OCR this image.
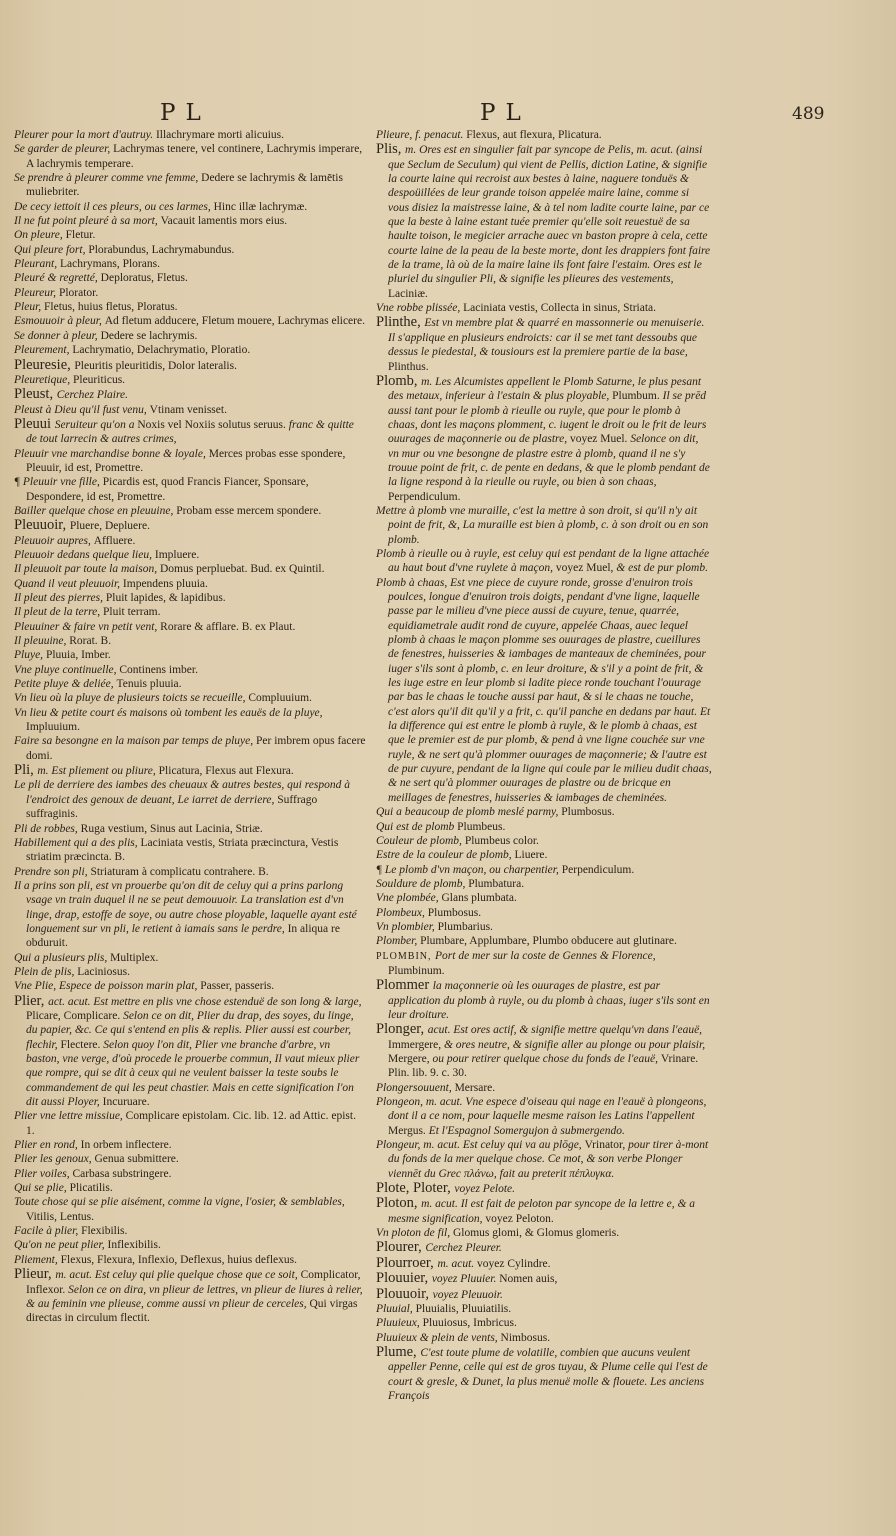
PL	PL	489

Pleurer pour la mort d'autruy. Illachrymare morti alicuius.

Se garder de pleurer, Lachrymas tenere, vel continere, Lachrymis imperare, A lachrymis temperare.

Se prendre à pleurer comme vne femme, Dedere se lachrymis & lamētis muliebriter.

De cecy iettoit il ces pleurs, ou ces larmes, Hinc illæ lachrymæ.

Il ne fut point pleuré à sa mort, Vacauit lamentis mors eius.

On pleure, Fletur.

Qui pleure fort, Plorabundus, Lachrymabundus.

Pleurant, Lachrymans, Plorans.

Pleuré & regretté, Deploratus, Fletus.

Pleureur, Plorator.

Pleur, Fletus, huius fletus, Ploratus.

Esmouuoir à pleur, Ad fletum adducere, Fletum mouere, Lachrymas elicere.

Se donner à pleur, Dedere se lachrymis.

Pleurement, Lachrymatio, Delachrymatio, Ploratio.

Pleuresie, Pleuritis pleuritidis, Dolor lateralis.

Pleuretique, Pleuriticus.

Pleust, Cerchez Plaire.

Pleust à Dieu qu'il fust venu, Vtinam venisset.

Pleuui Seruiteur qu'on a Noxis vel Noxiis solutus seruus. franc & quitte de tout larrecin & autres crimes,

Pleuuir vne marchandise bonne & loyale, Merces probas esse spondere, Pleuuir, id est, Promettre.

¶ Pleuuir vne fille, Picardis est, quod Francis Fiancer, Sponsare, Despondere, id est, Promettre.

Bailler quelque chose en pleuuine, Probam esse mercem spondere.

Pleuuoir, Pluere, Depluere.

Pleuuoir aupres, Affluere.

Pleuuoir dedans quelque lieu, Impluere.

Il pleuuoit par toute la maison, Domus perpluebat. Bud. ex Quintil.

Quand il veut pleuuoir, Impendens pluuia.

Il pleut des pierres, Pluit lapides, & lapidibus.

Il pleut de la terre, Pluit terram.

Pleuuiner & faire vn petit vent, Rorare & afflare. B. ex Plaut.

Il pleuuine, Rorat. B.

Pluye, Pluuia, Imber.

Vne pluye continuelle, Continens imber.

Petite pluye & deliée, Tenuis pluuia.

Vn lieu où la pluye de plusieurs toicts se recueille, Compluuium.

Vn lieu & petite court és maisons où tombent les eauës de la pluye, Impluuium.

Faire sa besongne en la maison par temps de pluye, Per imbrem opus facere domi.

Pli, m. Est pliement ou pliure, Plicatura, Flexus aut Flexura.

Le pli de derriere des iambes des cheuaux & autres bestes, qui respond à l'endroict des genoux de deuant, Le iarret de derriere, Suffrago suffraginis.

Pli de robbes, Ruga vestium, Sinus aut Lacinia, Striæ.

Habillement qui a des plis, Laciniata vestis, Striata præcinctura, Vestis striatim præcincta. B.

Prendre son pli, Striaturam à complicatu contrahere. B.

Il a prins son pli, est vn prouerbe qu'on dit de celuy qui a prins parlong vsage vn train duquel il ne se peut demouuoir. La translation est d'vn linge, drap, estoffe de soye, ou autre chose ployable, laquelle ayant esté longuement sur vn pli, le retient à iamais sans le perdre, In aliqua re obduruit.

Qui a plusieurs plis, Multiplex.

Plein de plis, Laciniosus.

Vne Plie, Espece de poisson marin plat, Passer, passeris.

Plier, act. acut. Est mettre en plis vne chose estenduë de son long & large, Plicare, Complicare. Selon ce on dit, Plier du drap, des soyes, du linge, du papier, &c. Ce qui s'entend en plis & replis. Plier aussi est courber, flechir, Flectere. Selon quoy l'on dit, Plier vne branche d'arbre, vn baston, vne verge, d'où procede le prouerbe commun, Il vaut mieux plier que rompre, qui se dit à ceux qui ne veulent baisser la teste soubs le commandement de qui les peut chastier. Mais en cette signification l'on dit aussi Ployer, Incuruare.

Plier vne lettre missiue, Complicare epistolam. Cic. lib. 12. ad Attic. epist. 1.

Plier en rond, In orbem inflectere.

Plier les genoux, Genua submittere.

Plier voiles, Carbasa substringere.

Qui se plie, Plicatilis.

Toute chose qui se plie aisément, comme la vigne, l'osier, & semblables, Vitilis, Lentus.

Facile à plier, Flexibilis.

Qu'on ne peut plier, Inflexibilis.

Pliement, Flexus, Flexura, Inflexio, Deflexus, huius deflexus.

Plieur, m. acut. Est celuy qui plie quelque chose que ce soit, Complicator, Inflexor. Selon ce on dira, vn plieur de lettres, vn plieur de liures à relier, & au feminin vne plieuse, comme aussi vn plieur de cerceles, Qui virgas directas in circulum flectit.

Plieure, f. penacut. Flexus, aut flexura, Plicatura.

Plis, m. Ores est en singulier fait par syncope de Pelis, m. acut. (ainsi que Seclum de Seculum) qui vient de Pellis, diction Latine, & signifie la courte laine qui recroist aux bestes à laine, naguere tonduës & despoüillées de leur grande toison appelée maire laine, comme si vous disiez la maistresse laine, & à tel nom ladite courte laine, par ce que la beste à laine estant tuée premier qu'elle soit reuestuë de sa haulte toison, le megicier arrache auec vn baston propre à cela, cette courte laine de la peau de la beste morte, dont les drappiers font faire de la trame, là où de la maire laine ils font faire l'estaim. Ores est le pluriel du singulier Pli, & signifie les plieures des vestements, Laciniæ.

Vne robbe plissée, Laciniata vestis, Collecta in sinus, Striata.

Plinthe, Est vn membre plat & quarré en massonnerie ou menuiserie. Il s'applique en plusieurs endroicts: car il se met tant dessoubs que dessus le piedestal, & tousiours est la premiere partie de la base, Plinthus.

Plomb, m. Les Alcumistes appellent le Plomb Saturne, le plus pesant des metaux, inferieur à l'estain & plus ployable, Plumbum. Il se prēd aussi tant pour le plomb à rieulle ou ruyle, que pour le plomb à chaas, dont les maçons plomment, c. iugent le droit ou le frit de leurs ouurages de maçonnerie ou de plastre, voyez Muel. Selonce on dit, vn mur ou vne besongne de plastre estre à plomb, quand il ne s'y trouue point de frit, c. de pente en dedans, & que le plomb pendant de la ligne respond à la rieulle ou ruyle, ou bien à son chaas, Perpendiculum.

Mettre à plomb vne muraille, c'est la mettre à son droit, si qu'il n'y ait point de frit, &, La muraille est bien à plomb, c. à son droit ou en son plomb.

Plomb à rieulle ou à ruyle, est celuy qui est pendant de la ligne attachée au haut bout d'vne ruylete à maçon, voyez Muel, & est de pur plomb.

Plomb à chaas, Est vne piece de cuyure ronde, grosse d'enuiron trois poulces, longue d'enuiron trois doigts, pendant d'vne ligne, laquelle passe par le milieu d'vne piece aussi de cuyure, tenue, quarrée, equidiametrale audit rond de cuyure, appelée Chaas, auec lequel plomb à chaas le maçon plomme ses ouurages de plastre, cueillures de fenestres, huisseries & iambages de manteaux de cheminées, pour iuger s'ils sont à plomb, c. en leur droiture, & s'il y a point de frit, & les iuge estre en leur plomb si ladite piece ronde touchant l'ouurage par bas le chaas le touche aussi par haut, & si le chaas ne touche, c'est alors qu'il dit qu'il y a frit, c. qu'il panche en dedans par haut. Et la difference qui est entre le plomb à ruyle, & le plomb à chaas, est que le premier est de pur plomb, & pend à vne ligne couchée sur vne ruyle, & ne sert qu'à plommer ouurages de maçonnerie; & l'autre est de pur cuyure, pendant de la ligne qui coule par le milieu dudit chaas, & ne sert qu'à plommer ouurages de plastre ou de bricque en meillages de fenestres, huisseries & iambages de cheminées.

Qui a beaucoup de plomb meslé parmy, Plumbosus.

Qui est de plomb Plumbeus.

Couleur de plomb, Plumbeus color.

Estre de la couleur de plomb, Liuere.

¶ Le plomb d'vn maçon, ou charpentier, Perpendiculum.

Souldure de plomb, Plumbatura.

Vne plombée, Glans plumbata.

Plombeux, Plumbosus.

Vn plombier, Plumbarius.

Plomber, Plumbare, Applumbare, Plumbo obducere aut glutinare.

PLOMBIN, Port de mer sur la coste de Gennes & Florence, Plumbinum.

Plommer la maçonnerie où les ouurages de plastre, est par application du plomb à ruyle, ou du plomb à chaas, iuger s'ils sont en leur droiture.

Plonger, acut. Est ores actif, & signifie mettre quelqu'vn dans l'eauë, Immergere, & ores neutre, & signifie aller au plonge ou pour plaisir, Mergere, ou pour retirer quelque chose du fonds de l'eauë, Vrinare. Plin. lib. 9. c. 30.

Plongersouuent, Mersare.

Plongeon, m. acut. Vne espece d'oiseau qui nage en l'eauë à plongeons, dont il a ce nom, pour laquelle mesme raison les Latins l'appellent Mergus. Et l'Espagnol Somergujon à submergendo.

Plongeur, m. acut. Est celuy qui va au plōge, Vrinator, pour tirer à-mont du fonds de la mer quelque chose. Ce mot, & son verbe Plonger viennēt du Grec πλάνω, fait au preterit πέπλυγκα.

Plote, Ploter, voyez Pelote.

Ploton, m. acut. Il est fait de peloton par syncope de la lettre e, & a mesme signification, voyez Peloton.

Vn ploton de fil, Glomus glomi, & Glomus glomeris.

Plourer, Cerchez Pleurer.

Plourroer, m. acut. voyez Cylindre.

Plouuier, voyez Pluuier. Nomen auis,

Plouuoir, voyez Pleuuoir.

Pluuial, Pluuialis, Pluuiatilis.

Pluuieux, Pluuiosus, Imbricus.

Pluuieux & plein de vents, Nimbosus.

Plume, C'est toute plume de volatille, combien que aucuns veulent appeller Penne, celle qui est de gros tuyau, & Plume celle qui l'est de court & gresle, & Dunet, la plus menuë molle & flouete. Les anciens François
